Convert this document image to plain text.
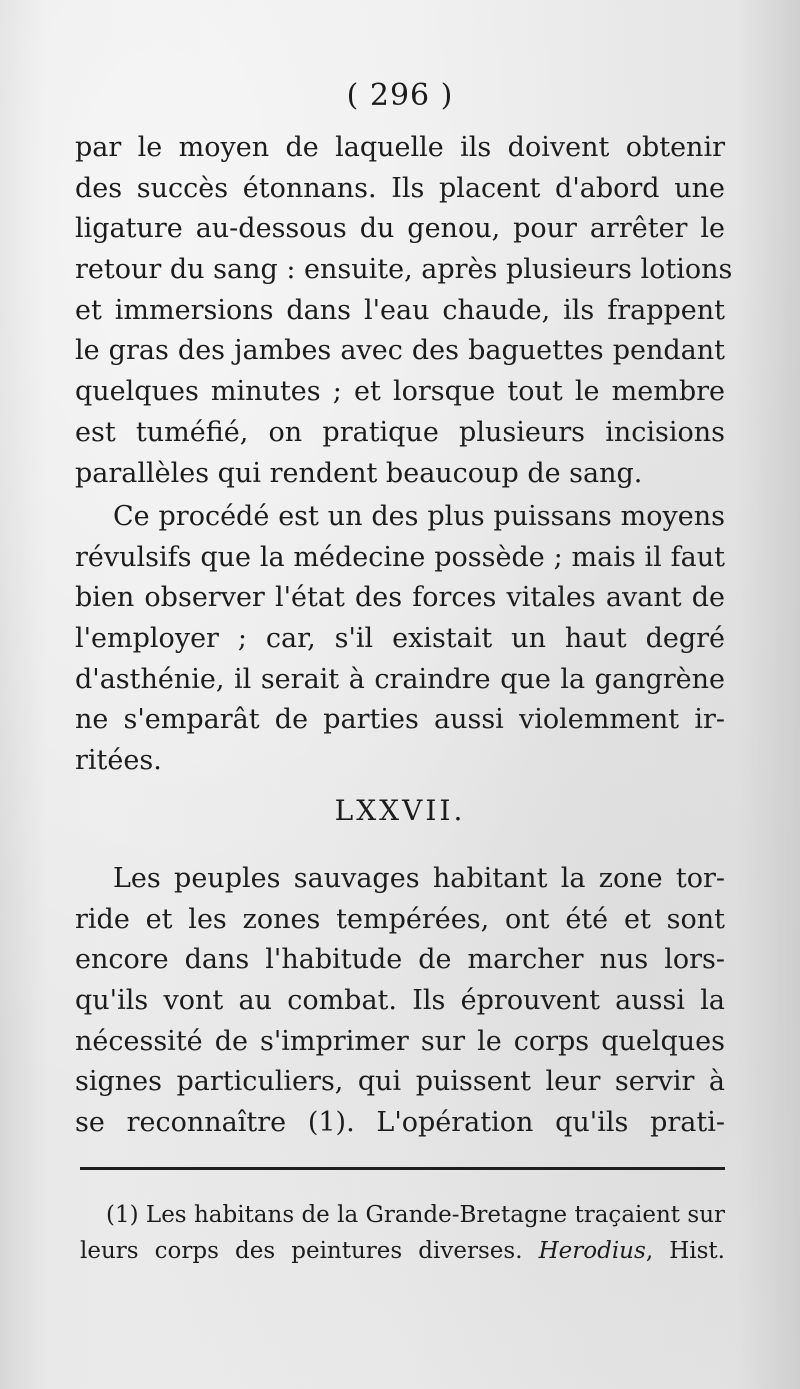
( 296 )
par le moyen de laquelle ils doivent obtenir
des succès étonnans. Ils placent d'abord une
ligature au-dessous du genou, pour arrêter le
retour du sang : ensuite, après plusieurs lotions
et immersions dans l'eau chaude, ils frappent
le gras des jambes avec des baguettes pendant
quelques minutes ; et lorsque tout le membre
est tuméfié, on pratique plusieurs incisions
parallèles qui rendent beaucoup de sang.
Ce procédé est un des plus puissans moyens
révulsifs que la médecine possède ; mais il faut
bien observer l'état des forces vitales avant de
l'employer ; car, s'il existait un haut degré
d'asthénie, il serait à craindre que la gangrène
ne s'emparât de parties aussi violemment ir-
ritées.
LXXVII.
Les peuples sauvages habitant la zone tor-
ride et les zones tempérées, ont été et sont
encore dans l'habitude de marcher nus lors-
qu'ils vont au combat. Ils éprouvent aussi la
nécessité de s'imprimer sur le corps quelques
signes particuliers, qui puissent leur servir à
se reconnaître (1). L'opération qu'ils prati-
(1) Les habitans de la Grande-Bretagne traçaient sur
leurs corps des peintures diverses. Herodius, Hist.
